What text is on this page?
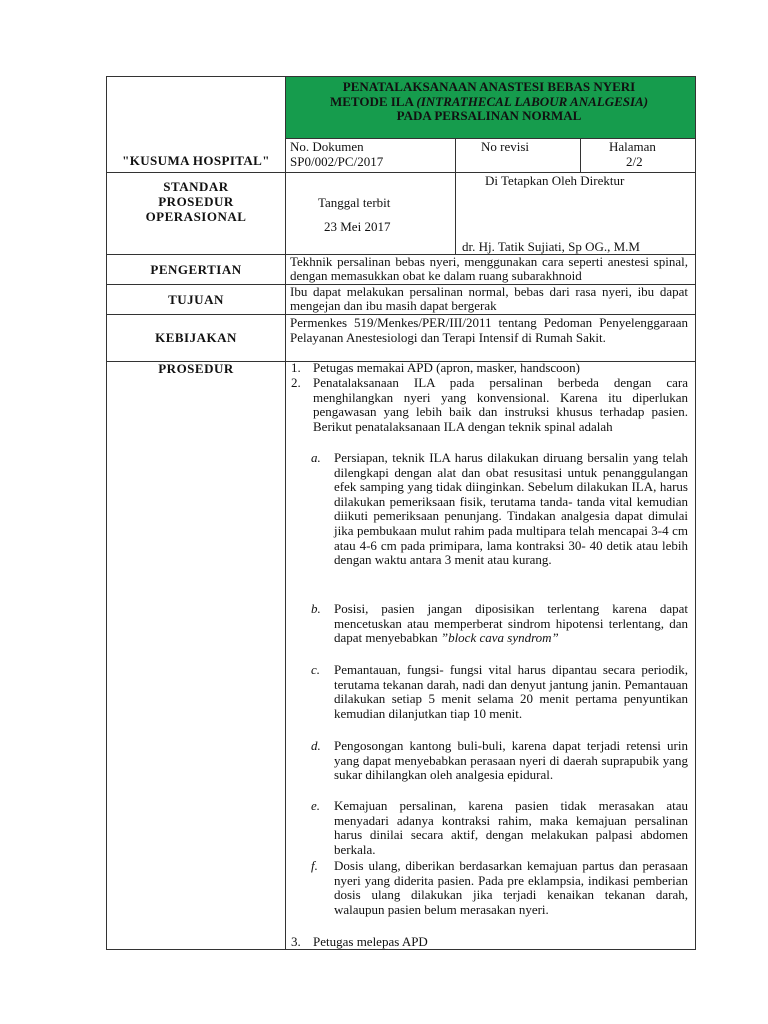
PENATALAKSANAAN ANASTESI BEBAS NYERI
METODE ILA (INTRATHECAL LABOUR ANALGESIA)
PADA PERSALINAN NORMAL
"KUSUMA HOSPITAL"
No. Dokumen
SP0/002/PC/2017
No revisi	Halaman
2/2
STANDAR
PROSEDUR
OPERASIONAL
Tanggal terbit
23 Mei 2017
Di Tetapkan Oleh Direktur
dr. Hj. Tatik Sujiati, Sp OG., M.M
PENGERTIAN
TUJUAN
KEBIJAKAN
PROSEDUR
Tekhnik persalinan bebas nyeri, menggunakan cara seperti anestesi spinal, dengan memasukkan obat ke dalam ruang subarakhnoid
Ibu dapat melakukan persalinan normal, bebas dari rasa nyeri, ibu dapat mengejan dan ibu masih dapat bergerak
Permenkes 519/Menkes/PER/III/2011 tentang Pedoman Penyelenggaraan Pelayanan Anestesiologi dan Terapi Intensif di Rumah Sakit.
1. Petugas memakai APD (apron, masker, handscoon)
2. Penatalaksanaan ILA pada persalinan berbeda dengan cara menghilangkan nyeri yang konvensional. Karena itu diperlukan pengawasan yang lebih baik dan instruksi khusus terhadap pasien. Berikut penatalaksanaan ILA dengan teknik spinal adalah
a. Persiapan, teknik ILA harus dilakukan diruang bersalin yang telah dilengkapi dengan alat dan obat resusitasi untuk penanggulangan efek samping yang tidak diinginkan. Sebelum dilakukan ILA, harus dilakukan pemeriksaan fisik, terutama tanda- tanda vital kemudian diikuti pemeriksaan penunjang. Tindakan analgesia dapat dimulai jika pembukaan mulut rahim pada multipara telah mencapai 3-4 cm atau 4-6 cm pada primipara, lama kontraksi 30- 40 detik atau lebih dengan waktu antara 3 menit atau kurang.
b. Posisi, pasien jangan diposisikan terlentang karena dapat mencetuskan atau memperberat sindrom hipotensi terlentang, dan dapat menyebabkan ”block cava syndrom”
c. Pemantauan, fungsi- fungsi vital harus dipantau secara periodik, terutama tekanan darah, nadi dan denyut jantung janin. Pemantauan dilakukan setiap 5 menit selama 20 menit pertama penyuntikan kemudian dilanjutkan tiap 10 menit.
d. Pengosongan kantong buli-buli, karena dapat terjadi retensi urin yang dapat menyebabkan perasaan nyeri di daerah suprapubik yang sukar dihilangkan oleh analgesia epidural.
e. Kemajuan persalinan, karena pasien tidak merasakan atau menyadari adanya kontraksi rahim, maka kemajuan persalinan harus dinilai secara aktif, dengan melakukan palpasi abdomen berkala.
f. Dosis ulang, diberikan berdasarkan kemajuan partus dan perasaan nyeri yang diderita pasien. Pada pre eklampsia, indikasi pemberian dosis ulang dilakukan jika terjadi kenaikan tekanan darah, walaupun pasien belum merasakan nyeri.
3. Petugas melepas APD
